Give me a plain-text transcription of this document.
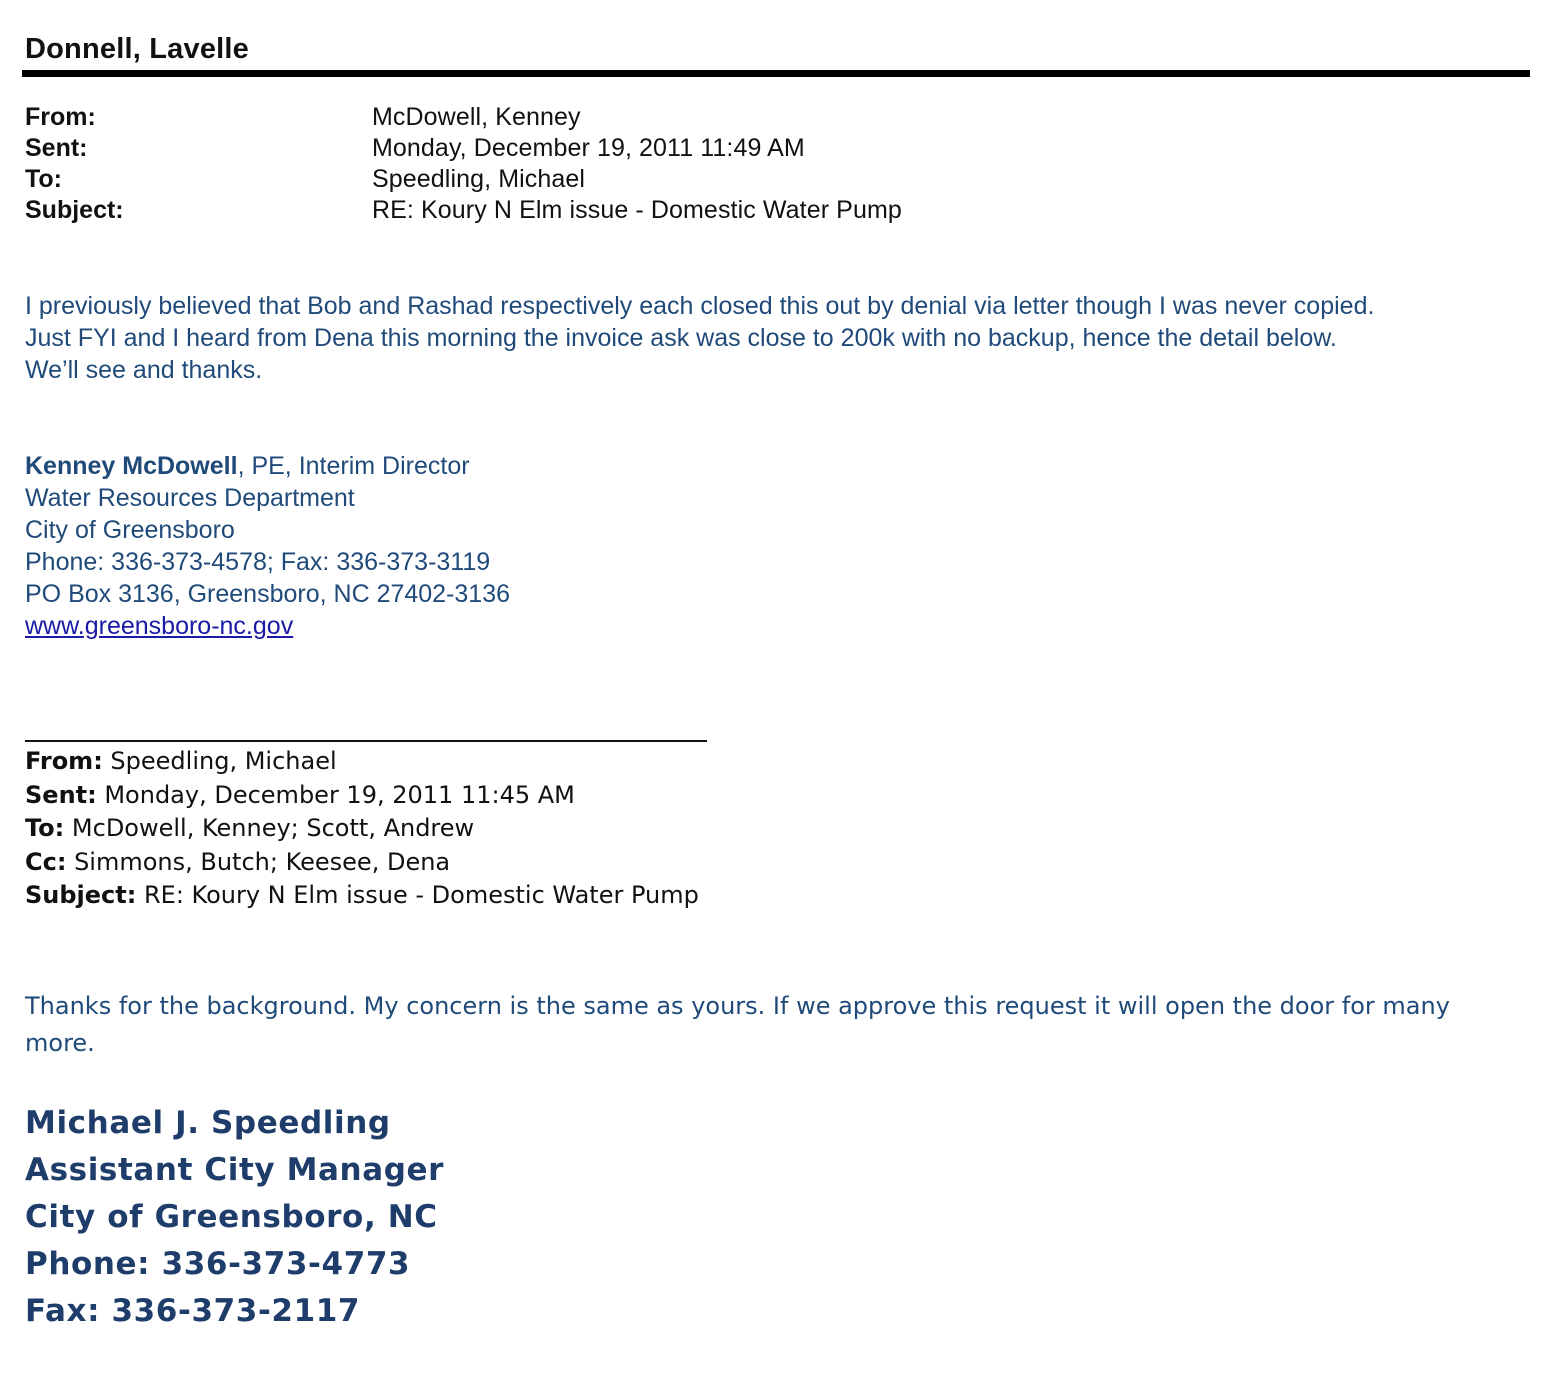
Donnell, Lavelle
From:	McDowell, Kenney
Sent:	Monday, December 19, 2011 11:49 AM
To:	Speedling, Michael
Subject:	RE: Koury N Elm issue - Domestic Water Pump
I previously believed that Bob and Rashad respectively each closed this out by denial via letter though I was never copied.
Just FYI and I heard from Dena this morning the invoice ask was close to 200k with no backup, hence the detail below.
We’ll see and thanks.
Kenney McDowell, PE, Interim Director
Water Resources Department
City of Greensboro
Phone: 336-373-4578; Fax: 336-373-3119
PO Box 3136, Greensboro, NC 27402-3136
www.greensboro-nc.gov
From: Speedling, Michael
Sent: Monday, December 19, 2011 11:45 AM
To: McDowell, Kenney; Scott, Andrew
Cc: Simmons, Butch; Keesee, Dena
Subject: RE: Koury N Elm issue - Domestic Water Pump
Thanks for the background. My concern is the same as yours. If we approve this request it will open the door for many more.
Michael J. Speedling
Assistant City Manager
City of Greensboro, NC
Phone: 336-373-4773
Fax: 336-373-2117
